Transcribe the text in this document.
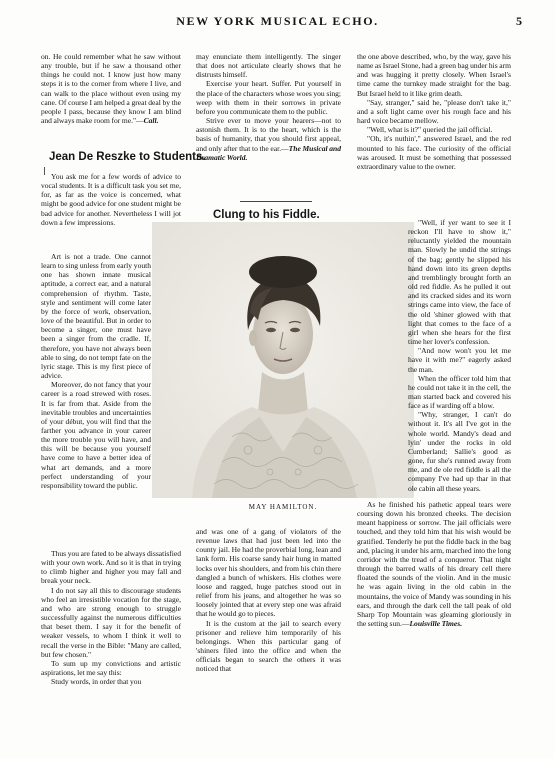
NEW YORK MUSICAL ECHO.	5

on. He could remember what he saw without any trouble, but if he saw a thousand other things he could not. I know just how many steps it is to the corner from where I live, and can walk to the place without even using my cane. Of course I am helped a great deal by the people I pass, because they know I am blind and always make room for me."—Call.

Jean De Reszke to Students.

You ask me for a few words of advice to vocal students. It is a difficult task you set me, for, as far as the voice is concerned, what might be good advice for one student might be bad advice for another. Nevertheless I will jot down a few impressions.

Art is not a trade. One cannot learn to sing unless from early youth one has shown innate musical aptitude, a correct ear, and a natural comprehension of rhythm. Taste, style and sentiment will come later by the force of work, observation, love of the beautiful. But in order to become a singer, one must have been a singer from the cradle. If, therefore, you have not always been able to sing, do not tempt fate on the lyric stage. This is my first piece of advice.

Moreover, do not fancy that your career is a road strewed with roses. It is far from that. Aside from the inevitable troubles and uncertainties of your début, you will find that the farther you advance in your career the more trouble you will have, and this will be because you yourself have come to have a better idea of what art demands, and a more perfect understanding of your responsibility toward the public.

Thus you are fated to be always dissatisfied with your own work. And so it is that in trying to climb higher and higher you may fall and break your neck.

I do not say all this to discourage students who feel an irresistible vocation for the stage, and who are strong enough to struggle successfully against the numerous difficulties that beset them. I say it for the benefit of weaker vessels, to whom I think it well to recall the verse in the Bible: "Many are called, but few chosen."

To sum up my convictions and artistic aspirations, let me say this:

Study words, in order that you

may enunciate them intelligently. The singer that does not articulate clearly shows that he distrusts himself.

Exercise your heart. Suffer. Put yourself in the place of the characters whose woes you sing; weep with them in their sorrows in private before you communicate them to the public.

Strive ever to move your hearers—not to astonish them. It is to the heart, which is the basis of humanity, that you should first appeal, and only after that to the ear.—The Musical and Dramatic World.

Clung to his Fiddle.

MAY HAMILTON.

and was one of a gang of violators of the revenue laws that had just been led into the county jail. He had the proverbial long, lean and lank form. His coarse sandy hair hung in matted locks over his shoulders, and from his chin there dangled a bunch of whiskers. His clothes were loose and ragged, huge patches stood out in relief from his jeans, and altogether he was so loosely jointed that at every step one was afraid that he would go to pieces.

It is the custom at the jail to search every prisoner and relieve him temporarily of his belongings. When this particular gang of 'shiners filed into the office and when the officials began to search the others it was noticed that

the one above described, who, by the way, gave his name as Israel Stone, had a green bag under his arm and was hugging it pretty closely. When Israel's time came the turnkey made straight for the bag. But Israel held to it like grim death.

"Say, stranger," said he, "please don't take it," and a soft light came over his rough face and his hard voice became mellow.

"Well, what is it?" queried the jail official.

"Oh, it's nuthin'," answered Israel, and the red mounted to his face. The curiosity of the official was aroused. It must be something that possessed extraordinary value to the owner.

"Well, if yer want to see it I reckon I'll have to show it," reluctantly yielded the mountain man. Slowly he undid the strings of the bag; gently he slipped his hand down into its green depths and tremblingly brought forth an old red fiddle. As he pulled it out and its cracked sides and its worn strings came into view, the face of the old 'shiner glowed with that light that comes to the face of a girl when she hears for the first time her lover's confession.

"And now won't you let me have it with me?" eagerly asked the man.

When the officer told him that he could not take it in the cell, the man started back and covered his face as if warding off a blow.

"Why, stranger, I can't do without it. It's all I've got in the whole world. Mandy's dead and lyin' under the rocks in old Cumberland; Sallie's good as gone, fur she's runned away from me, and de ole red fiddle is all the company I've had up thar in that ole cabin all these years.

As he finished his pathetic appeal tears were coursing down his bronzed cheeks. The decision meant happiness or sorrow. The jail officials were touched, and they told him that his wish would be gratified. Tenderly he put the fiddle back in the bag and, placing it under his arm, marched into the long corridor with the tread of a conqueror. That night through the barred walls of his dreary cell there floated the sounds of the violin. And in the music he was again living in the old cabin in the mountains, the voice of Mandy was sounding in his ears, and through the dark cell the tall peak of old Sharp Top Mountain was gleaming gloriously in the setting sun.—Louisville Times.
